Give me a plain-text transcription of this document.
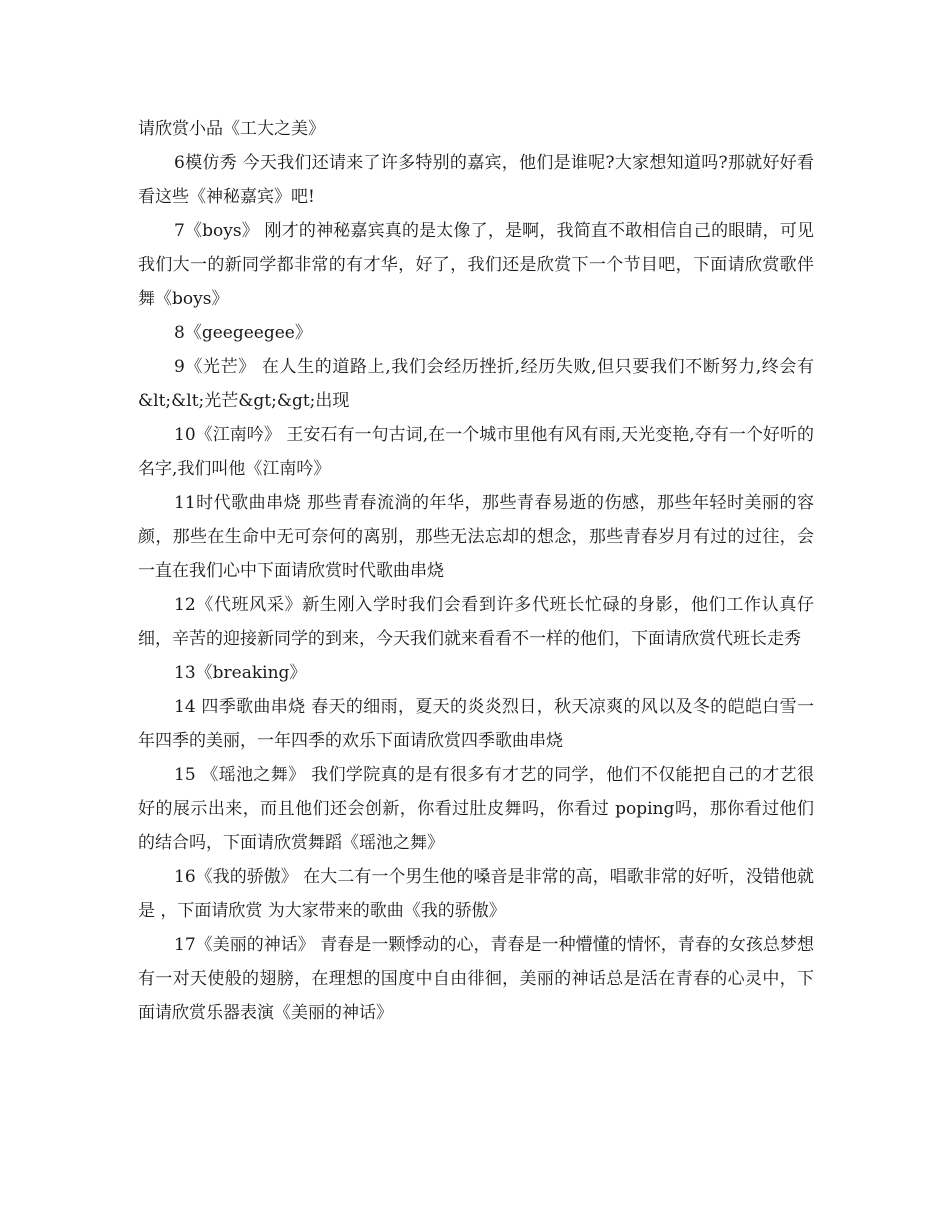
请欣赏小品《工大之美》

6模仿秀 今天我们还请来了许多特别的嘉宾，他们是谁呢?大家想知道吗?那就好好看看这些《神秘嘉宾》吧!

7《boys》 刚才的神秘嘉宾真的是太像了，是啊，我简直不敢相信自己的眼睛，可见我们大一的新同学都非常的有才华，好了，我们还是欣赏下一个节目吧，下面请欣赏歌伴舞《boys》

8《geegeegee》

9《光芒》 在人生的道路上,我们会经历挫折,经历失败,但只要我们不断努力,终会有&lt;&lt;光芒&gt;&gt;出现

10《江南吟》 王安石有一句古词,在一个城市里他有风有雨,天光变艳,夺有一个好听的名字,我们叫他《江南吟》

11时代歌曲串烧 那些青春流淌的年华，那些青春易逝的伤感，那些年轻时美丽的容颜，那些在生命中无可奈何的离别，那些无法忘却的想念，那些青春岁月有过的过往，会一直在我们心中下面请欣赏时代歌曲串烧

12《代班风采》新生刚入学时我们会看到许多代班长忙碌的身影，他们工作认真仔细，辛苦的迎接新同学的到来，今天我们就来看看不一样的他们，下面请欣赏代班长走秀

13《breaking》

14 四季歌曲串烧 春天的细雨，夏天的炎炎烈日，秋天凉爽的风以及冬的皑皑白雪一年四季的美丽，一年四季的欢乐下面请欣赏四季歌曲串烧

15 《瑶池之舞》 我们学院真的是有很多有才艺的同学，他们不仅能把自己的才艺很好的展示出来，而且他们还会创新，你看过肚皮舞吗，你看过 poping吗，那你看过他们的结合吗，下面请欣赏舞蹈《瑶池之舞》

16《我的骄傲》 在大二有一个男生他的嗓音是非常的高，唱歌非常的好听，没错他就是 ，下面请欣赏 为大家带来的歌曲《我的骄傲》

17《美丽的神话》 青春是一颗悸动的心，青春是一种懵懂的情怀，青春的女孩总梦想有一对天使般的翅膀，在理想的国度中自由徘徊，美丽的神话总是活在青春的心灵中，下面请欣赏乐器表演《美丽的神话》
